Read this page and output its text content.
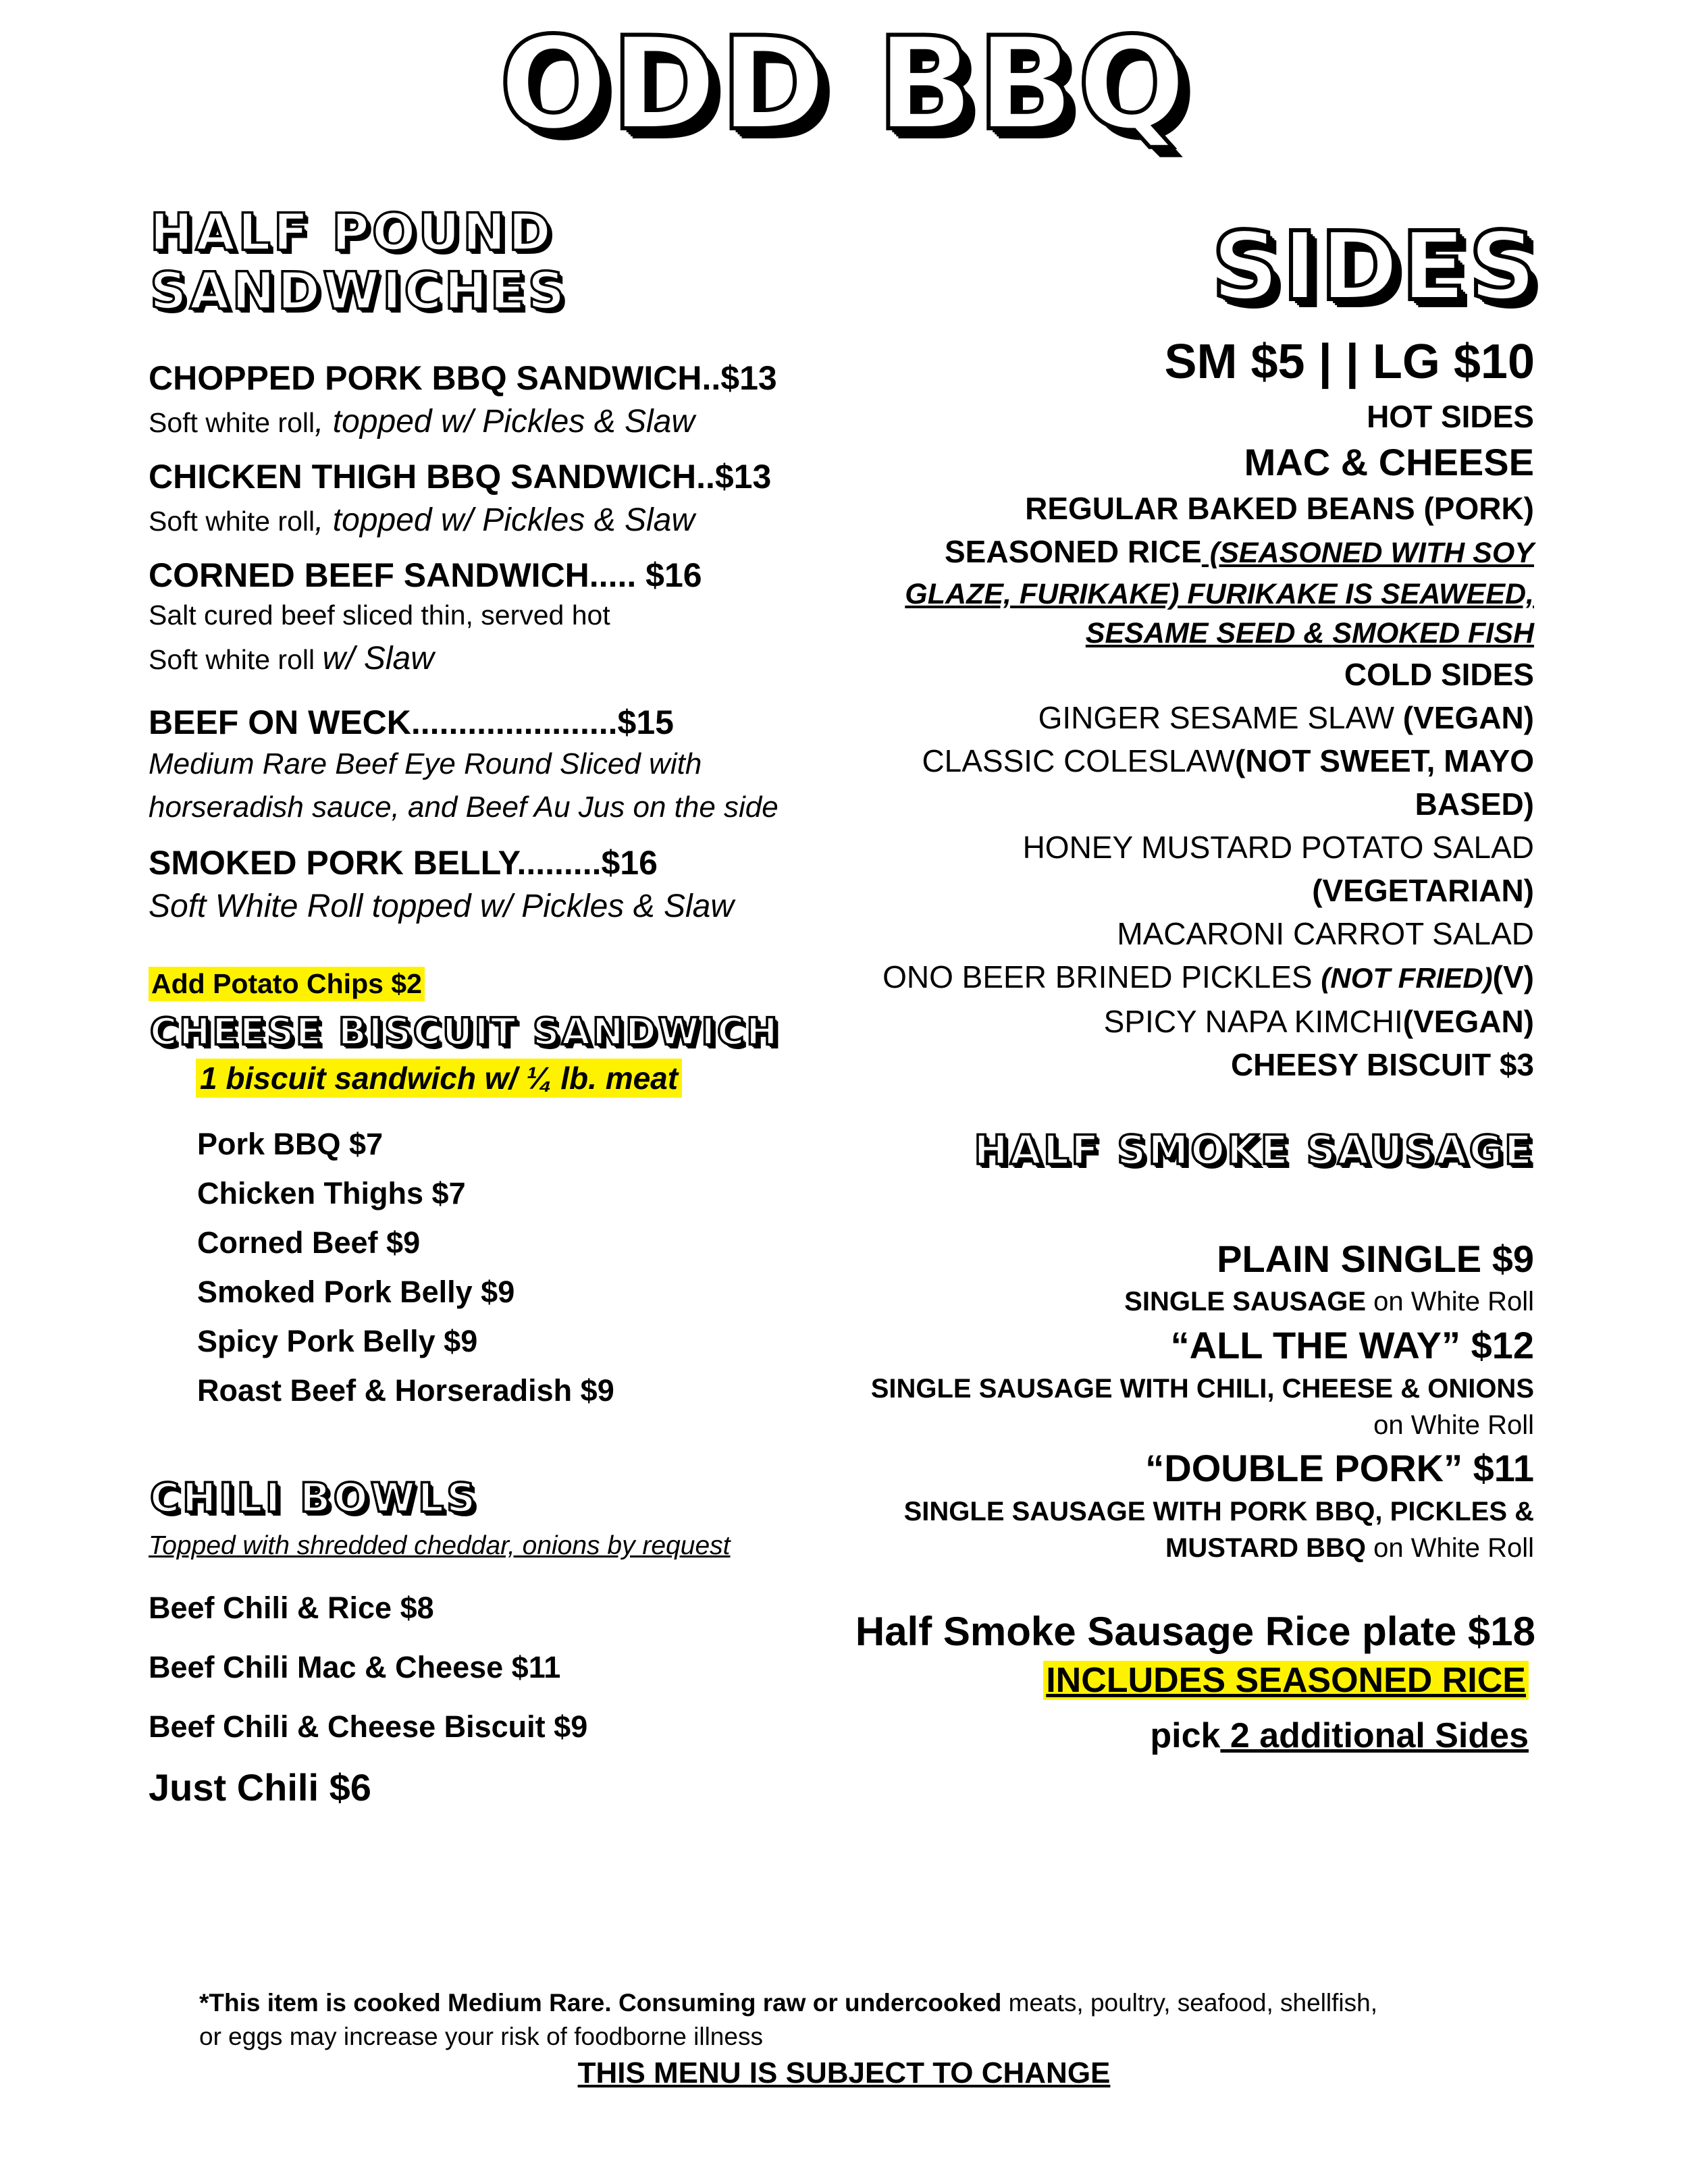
ODD BBQ
HALF POUND
SANDWICHES
CHOPPED PORK BBQ SANDWICH..$13
Soft white roll, topped w/ Pickles & Slaw
CHICKEN THIGH BBQ SANDWICH..$13
Soft white roll, topped w/ Pickles & Slaw
CORNED BEEF SANDWICH..... $16
Salt cured beef sliced thin, served hot
Soft white roll w/ Slaw
BEEF ON WECK......................$15
Medium Rare Beef Eye Round Sliced with
horseradish sauce, and Beef Au Jus on the side
SMOKED PORK BELLY.........$16
Soft White Roll topped w/ Pickles & Slaw
Add Potato Chips $2
CHEESE BISCUIT SANDWICH
1 biscuit sandwich w/ ¼ lb. meat
Pork BBQ $7
Chicken Thighs $7
Corned Beef $9
Smoked Pork Belly $9
Spicy Pork Belly $9
Roast Beef & Horseradish $9
CHILI BOWLS
Topped with shredded cheddar, onions by request
Beef Chili & Rice $8
Beef Chili Mac & Cheese $11
Beef Chili & Cheese Biscuit $9
Just Chili $6
SIDES
SM $5 | | LG $10
HOT SIDES
MAC & CHEESE
REGULAR BAKED BEANS (PORK)
SEASONED RICE (SEASONED WITH SOY
GLAZE, FURIKAKE) FURIKAKE IS SEAWEED,
SESAME SEED & SMOKED FISH
COLD SIDES
GINGER SESAME SLAW (VEGAN)
CLASSIC COLESLAW(NOT SWEET, MAYO
BASED)
HONEY MUSTARD POTATO SALAD
(VEGETARIAN)
MACARONI CARROT SALAD
ONO BEER BRINED PICKLES (NOT FRIED)(V)
SPICY NAPA KIMCHI(VEGAN)
CHEESY BISCUIT $3
HALF SMOKE SAUSAGE
PLAIN SINGLE $9
SINGLE SAUSAGE on White Roll
“ALL THE WAY” $12
SINGLE SAUSAGE WITH CHILI, CHEESE & ONIONS
on White Roll
“DOUBLE PORK” $11
SINGLE SAUSAGE WITH PORK BBQ, PICKLES &
MUSTARD BBQ on White Roll
Half Smoke Sausage Rice plate $18
INCLUDES SEASONED RICE
pick 2 additional Sides
*This item is cooked Medium Rare. Consuming raw or undercooked meats, poultry, seafood, shellfish,
or eggs may increase your risk of foodborne illness
THIS MENU IS SUBJECT TO CHANGE
